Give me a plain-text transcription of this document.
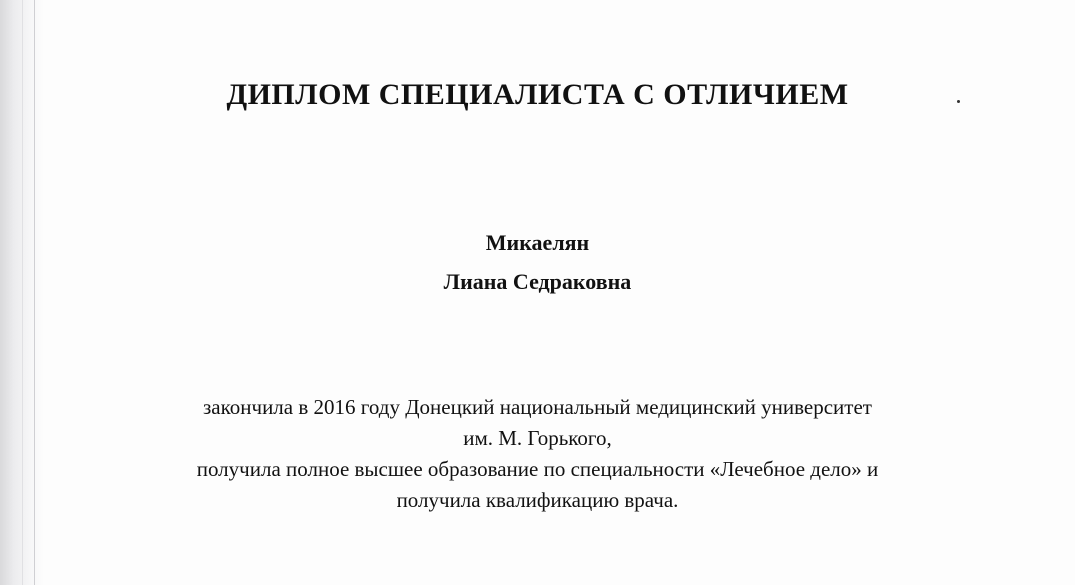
ДИПЛОМ СПЕЦИАЛИСТА С ОТЛИЧИЕМ
Микаелян
Лиана Седраковна
закончила в 2016 году Донецкий национальный медицинский университет
им. М. Горького,
получила полное высшее образование по специальности «Лечебное дело» и
получила квалификацию врача.
